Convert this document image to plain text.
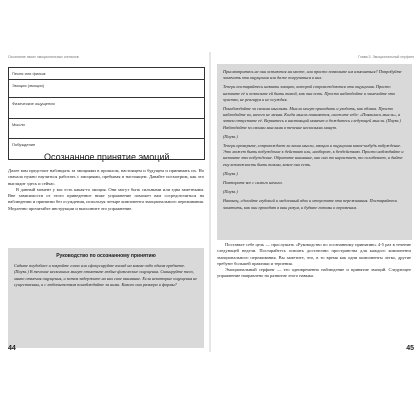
Осознание своих эмоциональных сигналов
Песня или фильм:
Эмоция (эмоции)
Физические ощущения
Мысли
Побуждение
Осознанное принятие эмоций

Далее вам предстоит наблюдать за эмоциями в прошлом, настоящем и будущем и принимать их. Но сначала нужно научиться работать с эмоциями, пребывая в настоящем. Давайте посмотрим, как это выглядит здесь и сейчас.

В данный момент у вас есть какая-то эмоция. Они могут быть сильными или едва заметными. Вне зависимости от этого приведенное ниже упражнение поможет вам сосредоточиться на наблюдении и принятии без осуждения, используя четыре компонента эмоционального переживания. Медленно прочитайте инструкции и выполните это упражнение.

Руководство по осознанному принятию
Сядьте поудобнее и закройте глаза или сфокусируйте взгляд на каком-либо одном предмете. (Пауза.) В течение нескольких минут отметьте любые физические ощущения. Сканируйте тело, мягко отмечая ощущения, и затем задержите на них свое внимание. Если некоторые ощущения не существенны, и с любопытством понаблюдайте за ними. Какого они размера и формы?
44
Глава 3. Эмоциональный серфинг

Присмотритесь не они остаются на месте, или просто позвольте им изменяться? Попробуйте замечать эти ощущения или даже погрузиться в них.

Теперь постарайтесь назвать эмоцию, которой сопровождаются эти ощущения. Просто назовите её и позвольте ей быть такой, как она есть. Просто наблюдайте и замечайте это чувство, не реагируя и не осуждая.

Понаблюдайте за своими мыслями. Мысли могут приходить и уходить, как облака. Просто наблюдайте их, ничего не меняя. Когда мысль появляется, скажите себе: «Появилась мысль», а затем отпустите её. Вернитесь в настоящий момент и дождитесь следующей мысли. (Пауза.) Наблюдайте за своими мыслями в течение нескольких минут.

(Пауза.)

Теперь проверьте, сопровождает ли ваши мысли, эмоции и ощущения какое-нибудь побуждение. Это может быть побуждение к действию или, наоборот, к бездействию. Просто наблюдайте и назовите это побуждение. Обратите внимание, как оно то нарастает, то ослабевает, и дайте ему возможность быть таким, какое оно есть.

(Пауза.)

Повторите все с самого начала.

(Пауза.)

Наконец, сделайте глубокий и медленный вдох и отпустите эти переживания. Постарайтесь заметить, как они проходят в ваш разум, и будьте готовы к переменам.

Поставьте себе цель — прослушать «Руководство по осознанному принятию» 4-5 раз в течение следующей недели. Постарайтесь освоить достаточно пространства для каждого компонента эмоционального переживания. Вы заметите, что, в то время как одни компоненты легко, другие требуют большей практики и терпения.

Эмоциональный серфинг — это одновременно наблюдение и принятие эмоций. Следующее упражнение направлено на развитие этого навыка.

45
